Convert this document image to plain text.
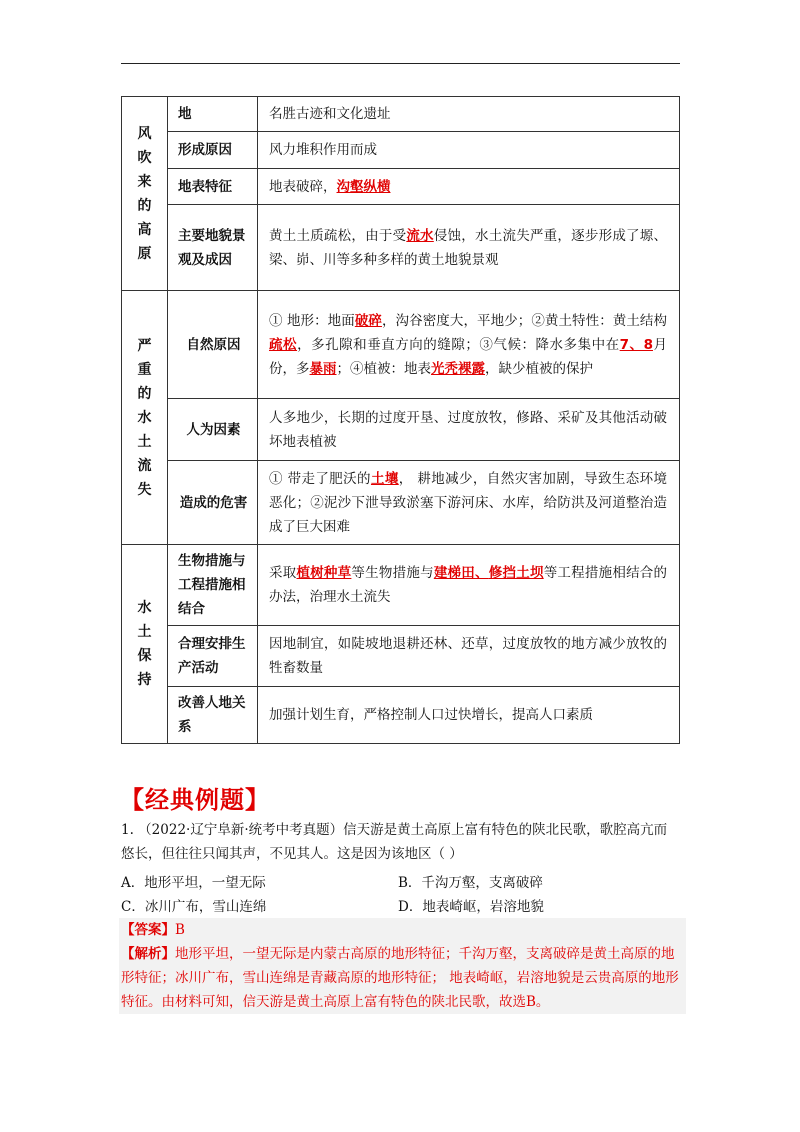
风吹来的高原	地	名胜古迹和文化遗址
	形成原因	风力堆积作用而成
	地表特征	地表破碎，沟壑纵横
	主要地貌景观及成因	黄土土质疏松，由于受流水侵蚀，水土流失严重，逐步形成了塬、梁、峁、川等多种多样的黄土地貌景观
严重的水土流失	自然原因	① 地形：地面破碎，沟谷密度大，平地少；②黄土特性：黄土结构疏松，多孔隙和垂直方向的缝隙；③气候：降水多集中在7、8月份，多暴雨；④植被：地表光秃裸露，缺少植被的保护
	人为因素	人多地少，长期的过度开垦、过度放牧，修路、采矿及其他活动破坏地表植被
	造成的危害	① 带走了肥沃的土壤， 耕地减少，自然灾害加剧，导致生态环境恶化；②泥沙下泄导致淤塞下游河床、水库，给防洪及河道整治造成了巨大困难
水土保持	生物措施与工程措施相结合	采取植树种草等生物措施与建梯田、修挡土坝等工程措施相结合的办法，治理水土流失
	合理安排生产活动	因地制宜，如陡坡地退耕还林、还草，过度放牧的地方减少放牧的牲畜数量
	改善人地关系	加强计划生育，严格控制人口过快增长，提高人口素质
【经典例题】
1. （2022·辽宁阜新·统考中考真题）信天游是黄土高原上富有特色的陕北民歌，歌腔高亢而悠长，但往往只闻其声，不见其人。这是因为该地区（ ）
A．地形平坦，一望无际	B．千沟万壑，支离破碎
C．冰川广布，雪山连绵	D．地表崎岖，岩溶地貌
【答案】B
【解析】地形平坦，一望无际是内蒙古高原的地形特征；千沟万壑，支离破碎是黄土高原的地形特征；冰川广布，雪山连绵是青藏高原的地形特征； 地表崎岖，岩溶地貌是云贵高原的地形特征。由材料可知，信天游是黄土高原上富有特色的陕北民歌，故选B。
